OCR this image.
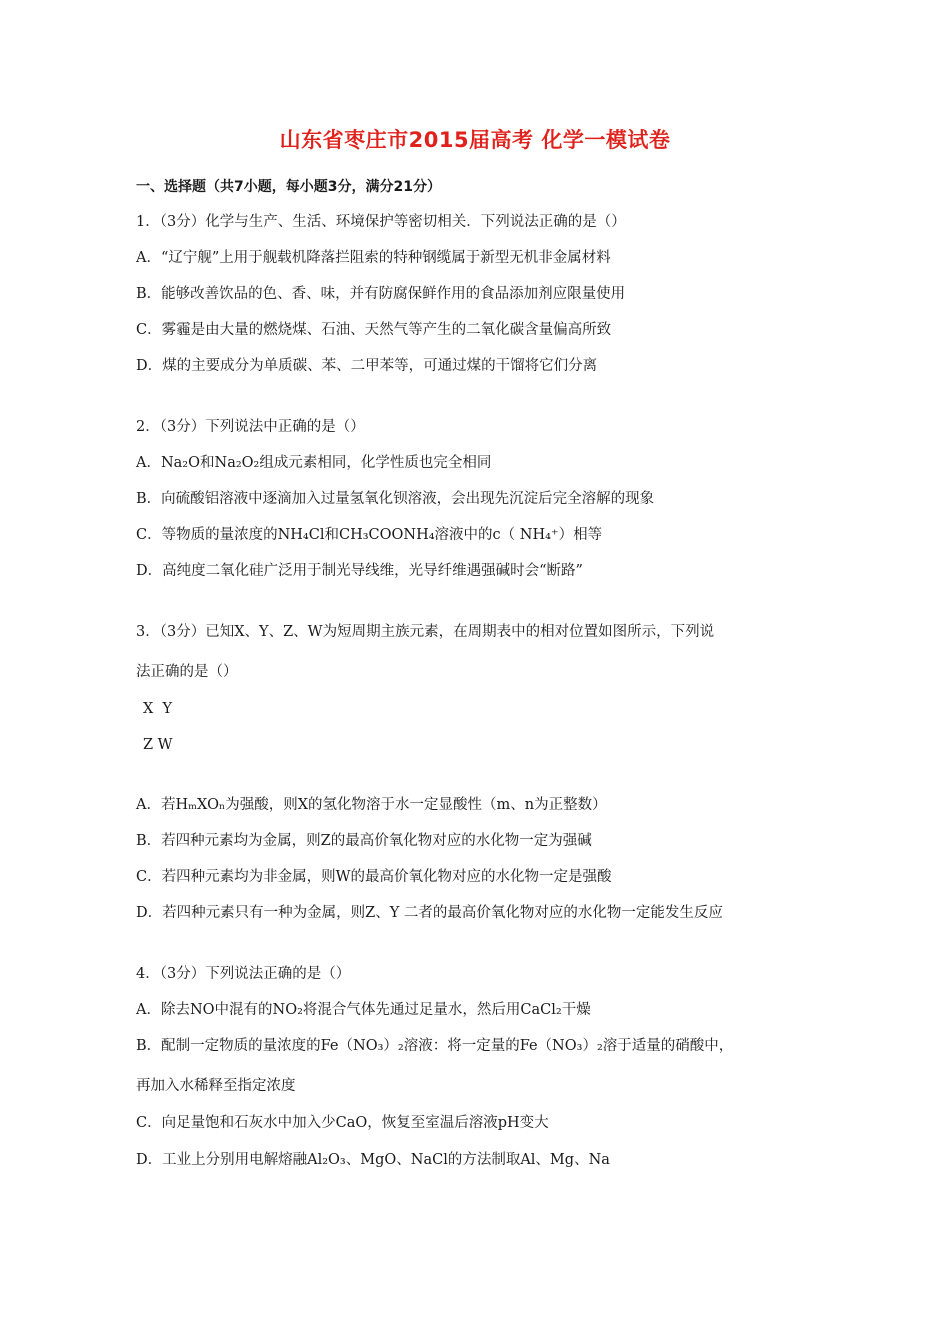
山东省枣庄市2015届高考 化学一模试卷
一、选择题（共7小题，每小题3分，满分21分）
1．（3分）化学与生产、生活、环境保护等密切相关．下列说法正确的是（）
A．“辽宁舰”上用于舰载机降落拦阻索的特种钢缆属于新型无机非金属材料
B．能够改善饮品的色、香、味，并有防腐保鲜作用的食品添加剂应限量使用
C．雾霾是由大量的燃烧煤、石油、天然气等产生的二氧化碳含量偏高所致
D．煤的主要成分为单质碳、苯、二甲苯等，可通过煤的干馏将它们分离
2．（3分）下列说法中正确的是（）
A．Na₂O和Na₂O₂组成元素相同，化学性质也完全相同
B．向硫酸铝溶液中逐滴加入过量氢氧化钡溶液，会出现先沉淀后完全溶解的现象
C．等物质的量浓度的NH₄Cl和CH₃COONH₄溶液中的c（ NH₄⁺）相等
D．高纯度二氧化硅广泛用于制光导线维，光导纤维遇强碱时会“断路”
3．（3分）已知X、Y、Z、W为短周期主族元素，在周期表中的相对位置如图所示，下列说
法正确的是（）
X  Y
Z W
A．若HₘXOₙ为强酸，则X的氢化物溶于水一定显酸性（m、n为正整数）
B．若四种元素均为金属，则Z的最高价氧化物对应的水化物一定为强碱
C．若四种元素均为非金属，则W的最高价氧化物对应的水化物一定是强酸
D．若四种元素只有一种为金属，则Z、Y 二者的最高价氧化物对应的水化物一定能发生反应
4．（3分）下列说法正确的是（）
A．除去NO中混有的NO₂将混合气体先通过足量水，然后用CaCl₂干燥
B．配制一定物质的量浓度的Fe（NO₃）₂溶液：将一定量的Fe（NO₃）₂溶于适量的硝酸中，
再加入水稀释至指定浓度
C．向足量饱和石灰水中加入少CaO，恢复至室温后溶液pH变大
D．工业上分别用电解熔融Al₂O₃、MgO、NaCl的方法制取Al、Mg、Na
